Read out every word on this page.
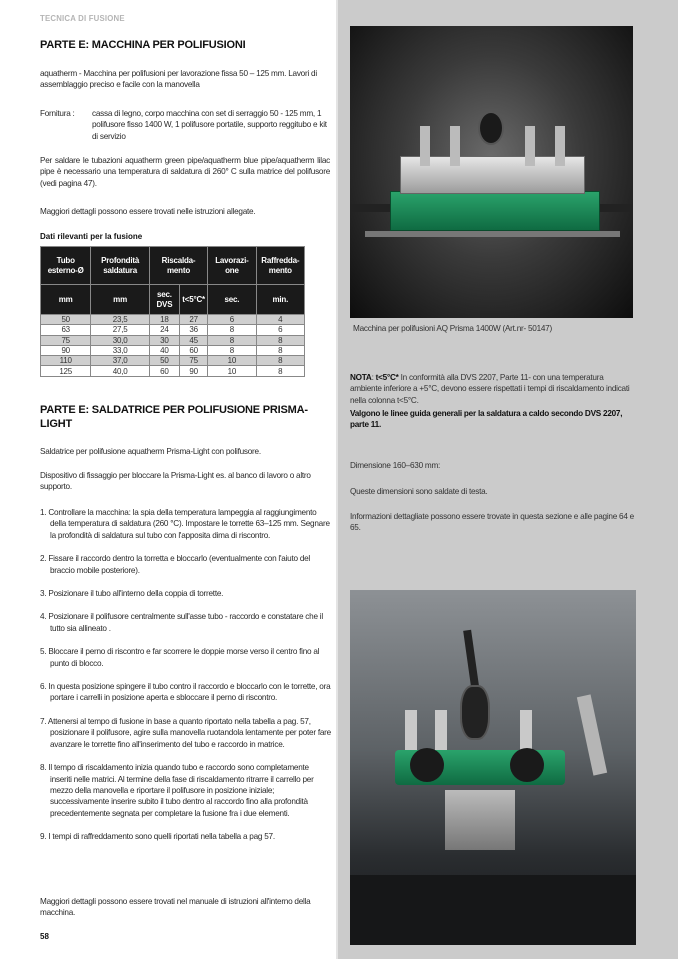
TECNICA DI FUSIONE
PARTE E: MACCHINA PER POLIFUSIONI
aquatherm - Macchina per polifusioni per lavorazione fissa 50 – 125 mm. Lavori di assemblaggio preciso e facile con la manovella
Fornitura :	cassa di legno, corpo macchina con set di serraggio 50 - 125 mm, 1 polifusore fisso 1400 W, 1 polifusore portatile, supporto reggitubo e kit di servizio
Per saldare le tubazioni aquatherm green pipe/aquatherm blue pipe/aquatherm lilac pipe è necessario una temperatura di saldatura di 260° C sulla matrice del polifusore (vedi pagina 47).
Maggiori dettagli possono essere trovati nelle istruzioni allegate.
Dati rilevanti per la fusione
Tubo esterno-Ø	Profondità saldatura	Riscalda-mento		Lavorazi-one	Raffredda-mento
mm	mm	sec. DVS	t<5°C*	sec.	min.
50	23,5	18	27	6	4
63	27,5	24	36	8	6
75	30,0	30	45	8	8
90	33,0	40	60	8	8
110	37,0	50	75	10	8
125	40,0	60	90	10	8
PARTE E: SALDATRICE PER POLIFUSIONE PRISMA-LIGHT
Saldatrice per polifusione aquatherm Prisma-Light con polifusore.
Dispositivo di fissaggio per bloccare la Prisma-Light es. al banco di lavoro o altro supporto.
1. Controllare la macchina: la spia della temperatura lampeggia al raggiungimento della temperatura di saldatura (260 °C). Impostare le torrette 63–125 mm. Segnare la profondità di saldatura sul tubo con l'apposita dima di riscontro.
2. Fissare il raccordo dentro la torretta e bloccarlo (eventualmente con l'aiuto del braccio mobile posteriore).
3. Posizionare il tubo all'interno della coppia di torrette.
4. Posizionare il polifusore centralmente sull'asse tubo - raccordo e constatare che il tutto sia allineato .
5. Bloccare il perno di riscontro e far scorrere le doppie morse verso il centro fino al punto di blocco.
6. In questa posizione spingere il tubo contro il raccordo e bloccarlo con le torrette, ora portare i carrelli in posizione aperta e sbloccare il perno di riscontro.
7. Attenersi al tempo di fusione in base a quanto riportato nella tabella a pag. 57, posizionare il polifusore, agire sulla manovella ruotandola lentamente per poter fare avanzare le torrette fino all'inserimento del tubo e raccordo in matrice.
8. Il tempo di riscaldamento inizia quando tubo e raccordo sono completamente inseriti nelle matrici. Al termine della fase di riscaldamento ritrarre il carrello per mezzo della manovella e riportare il polifusore in posizione iniziale; successivamente inserire subito il tubo dentro al raccordo fino alla profondità precedentemente segnata per completare la fusione fra i due elementi.
9. I tempi di raffreddamento sono quelli riportati nella tabella a pag 57.
Maggiori dettagli possono essere trovati nel manuale di istruzioni all'interno della macchina.
58
Macchina per polifusioni AQ Prisma 1400W (Art.nr- 50147)
NOTA: t<5°C* In conformità alla DVS 2207, Parte 11- con una temperatura ambiente inferiore a +5°C, devono essere rispettati i tempi di riscaldamento indicati nella colonna t<5°C.
Valgono le linee guida generali per la saldatura a caldo secondo DVS 2207, parte 11.
Dimensione 160–630 mm:
Queste dimensioni sono saldate di testa.
Informazioni dettagliate possono essere trovate in questa sezione e alle pagine 64 e 65.
